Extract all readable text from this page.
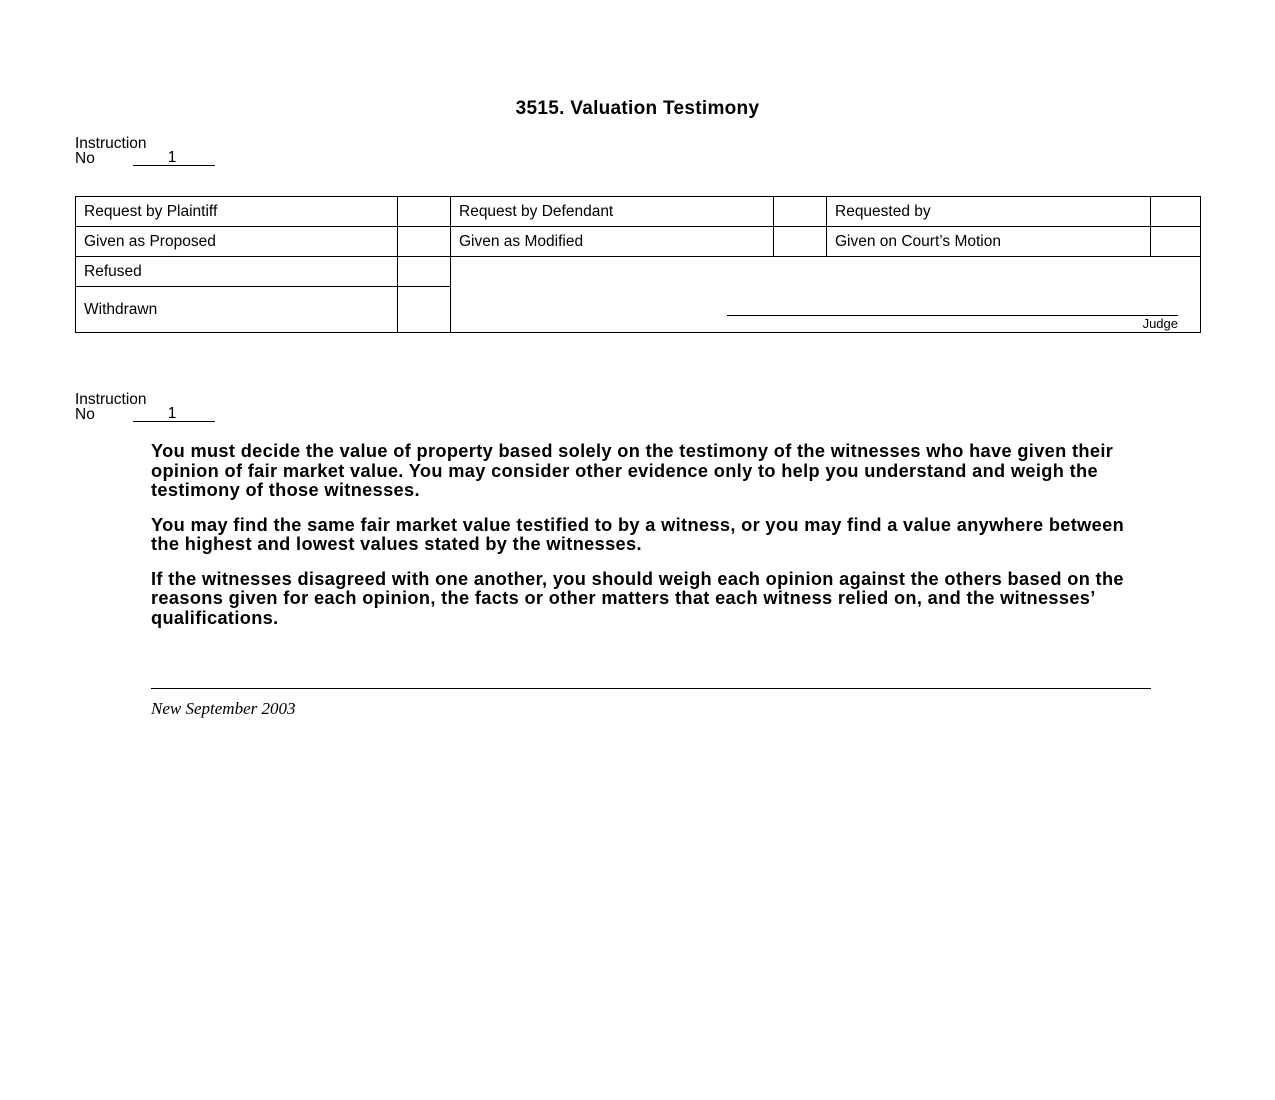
3515. Valuation Testimony
Instruction
No	1
Request by Plaintiff		Request by Defendant		Requested by	
Given as Proposed		Given as Modified		Given on Court’s Motion	
Refused		Judge			

Withdrawn					
Instruction
No	1

You must decide the value of property based solely on the testimony of the witnesses who have given their opinion of fair market value. You may consider other evidence only to help you understand and weigh the testimony of those witnesses.

You may find the same fair market value testified to by a witness, or you may find a value anywhere between the highest and lowest values stated by the witnesses.

If the witnesses disagreed with one another, you should weigh each opinion against the others based on the reasons given for each opinion, the facts or other matters that each witness relied on, and the witnesses’ qualifications.

New September 2003
